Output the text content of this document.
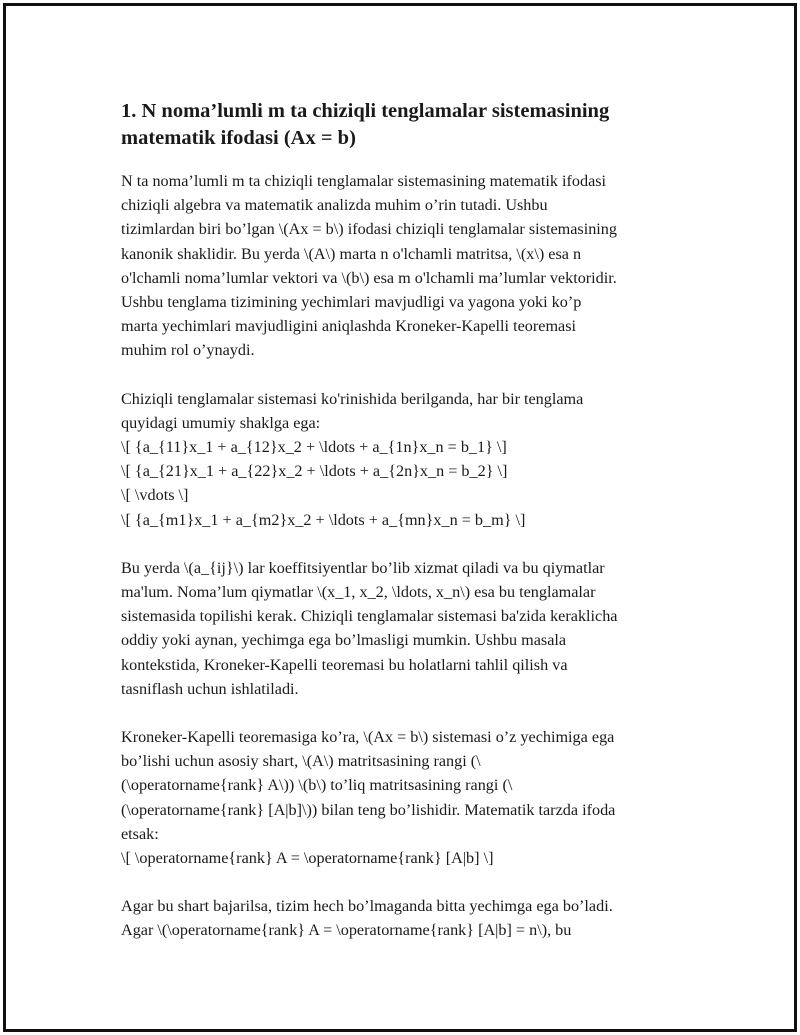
1. N noma’lumli m ta chiziqli tenglamalar sistemasining matematik ifodasi (Ax = b)

N ta noma’lumli m ta chiziqli tenglamalar sistemasining matematik ifodasi
chiziqli algebra va matematik analizda muhim o’rin tutadi. Ushbu
tizimlardan biri bo’lgan \(Ax = b\) ifodasi chiziqli tenglamalar sistemasining
kanonik shaklidir. Bu yerda \(A\) marta n o'lchamli matritsa, \(x\) esa n
o'lchamli noma’lumlar vektori va \(b\) esa m o'lchamli ma’lumlar vektoridir.
Ushbu tenglama tizimining yechimlari mavjudligi va yagona yoki ko’p
marta yechimlari mavjudligini aniqlashda Kroneker-Kapelli teoremasi
muhim rol o’ynaydi.

Chiziqli tenglamalar sistemasi ko'rinishida berilganda, har bir tenglama
quyidagi umumiy shaklga ega:
\[ {a_{11}x_1 + a_{12}x_2 + \ldots + a_{1n}x_n = b_1} \]
\[ {a_{21}x_1 + a_{22}x_2 + \ldots + a_{2n}x_n = b_2} \]
\[ \vdots \]
\[ {a_{m1}x_1 + a_{m2}x_2 + \ldots + a_{mn}x_n = b_m} \]

Bu yerda \(a_{ij}\) lar koeffitsiyentlar bo’lib xizmat qiladi va bu qiymatlar
ma'lum. Noma’lum qiymatlar \(x_1, x_2, \ldots, x_n\) esa bu tenglamalar
sistemasida topilishi kerak. Chiziqli tenglamalar sistemasi ba'zida keraklicha
oddiy yoki aynan, yechimga ega bo’lmasligi mumkin. Ushbu masala
kontekstida, Kroneker-Kapelli teoremasi bu holatlarni tahlil qilish va
tasniflash uchun ishlatiladi.

Kroneker-Kapelli teoremasiga ko’ra, \(Ax = b\) sistemasi o’z yechimiga ega
bo’lishi uchun asosiy shart, \(A\) matritsasining rangi (\
(\operatorname{rank} A\)) \(b\) to’liq matritsasining rangi (\
(\operatorname{rank} [A|b]\)) bilan teng bo’lishidir. Matematik tarzda ifoda
etsak:
\[ \operatorname{rank} A = \operatorname{rank} [A|b] \]

Agar bu shart bajarilsa, tizim hech bo’lmaganda bitta yechimga ega bo’ladi.
Agar \(\operatorname{rank} A = \operatorname{rank} [A|b] = n\), bu
